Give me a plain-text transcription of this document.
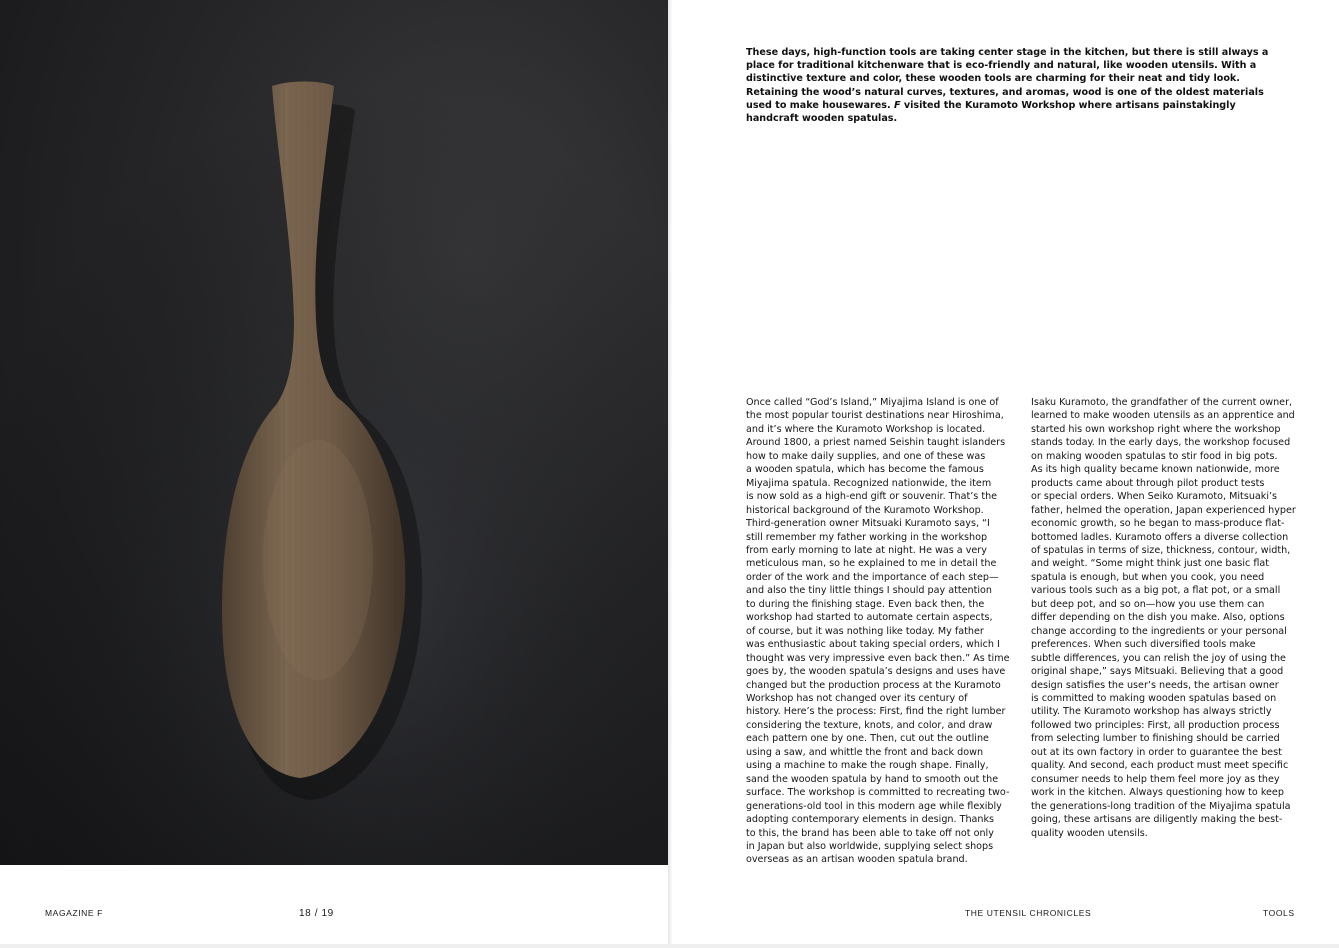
These days, high-function tools are taking center stage in the kitchen, but there is still always a place for traditional kitchenware that is eco-friendly and natural, like wooden utensils. With a distinctive texture and color, these wooden tools are charming for their neat and tidy look. Retaining the wood’s natural curves, textures, and aromas, wood is one of the oldest materials used to make housewares. F visited the Kuramoto Workshop where artisans painstakingly handcraft wooden spatulas.
Once called “God’s Island,” Miyajima Island is one of
the most popular tourist destinations near Hiroshima,
and it’s where the Kuramoto Workshop is located.
Around 1800, a priest named Seishin taught islanders
how to make daily supplies, and one of these was
a wooden spatula, which has become the famous
Miyajima spatula. Recognized nationwide, the item
is now sold as a high-end gift or souvenir. That’s the
historical background of the Kuramoto Workshop.
Third-generation owner Mitsuaki Kuramoto says, “I
still remember my father working in the workshop
from early morning to late at night. He was a very
meticulous man, so he explained to me in detail the
order of the work and the importance of each step—
and also the tiny little things I should pay attention
to during the finishing stage. Even back then, the
workshop had started to automate certain aspects,
of course, but it was nothing like today. My father
was enthusiastic about taking special orders, which I
thought was very impressive even back then.” As time
goes by, the wooden spatula’s designs and uses have
changed but the production process at the Kuramoto
Workshop has not changed over its century of
history. Here’s the process: First, find the right lumber
considering the texture, knots, and color, and draw
each pattern one by one. Then, cut out the outline
using a saw, and whittle the front and back down
using a machine to make the rough shape. Finally,
sand the wooden spatula by hand to smooth out the
surface. The workshop is committed to recreating two-
generations-old tool in this modern age while flexibly
adopting contemporary elements in design. Thanks
to this, the brand has been able to take off not only
in Japan but also worldwide, supplying select shops
overseas as an artisan wooden spatula brand.
Isaku Kuramoto, the grandfather of the current owner,
learned to make wooden utensils as an apprentice and
started his own workshop right where the workshop
stands today. In the early days, the workshop focused
on making wooden spatulas to stir food in big pots.
As its high quality became known nationwide, more
products came about through pilot product tests
or special orders. When Seiko Kuramoto, Mitsuaki’s
father, helmed the operation, Japan experienced hyper
economic growth, so he began to mass-produce flat-
bottomed ladles. Kuramoto offers a diverse collection
of spatulas in terms of size, thickness, contour, width,
and weight. “Some might think just one basic flat
spatula is enough, but when you cook, you need
various tools such as a big pot, a flat pot, or a small
but deep pot, and so on—how you use them can
differ depending on the dish you make. Also, options
change according to the ingredients or your personal
preferences. When such diversified tools make
subtle differences, you can relish the joy of using the
original shape,” says Mitsuaki. Believing that a good
design satisfies the user’s needs, the artisan owner
is committed to making wooden spatulas based on
utility. The Kuramoto workshop has always strictly
followed two principles: First, all production process
from selecting lumber to finishing should be carried
out at its own factory in order to guarantee the best
quality. And second, each product must meet specific
consumer needs to help them feel more joy as they
work in the kitchen. Always questioning how to keep
the generations-long tradition of the Miyajima spatula
going, these artisans are diligently making the best-
quality wooden utensils.
MAGAZINE F	18 / 19	THE UTENSIL CHRONICLES	TOOLS
